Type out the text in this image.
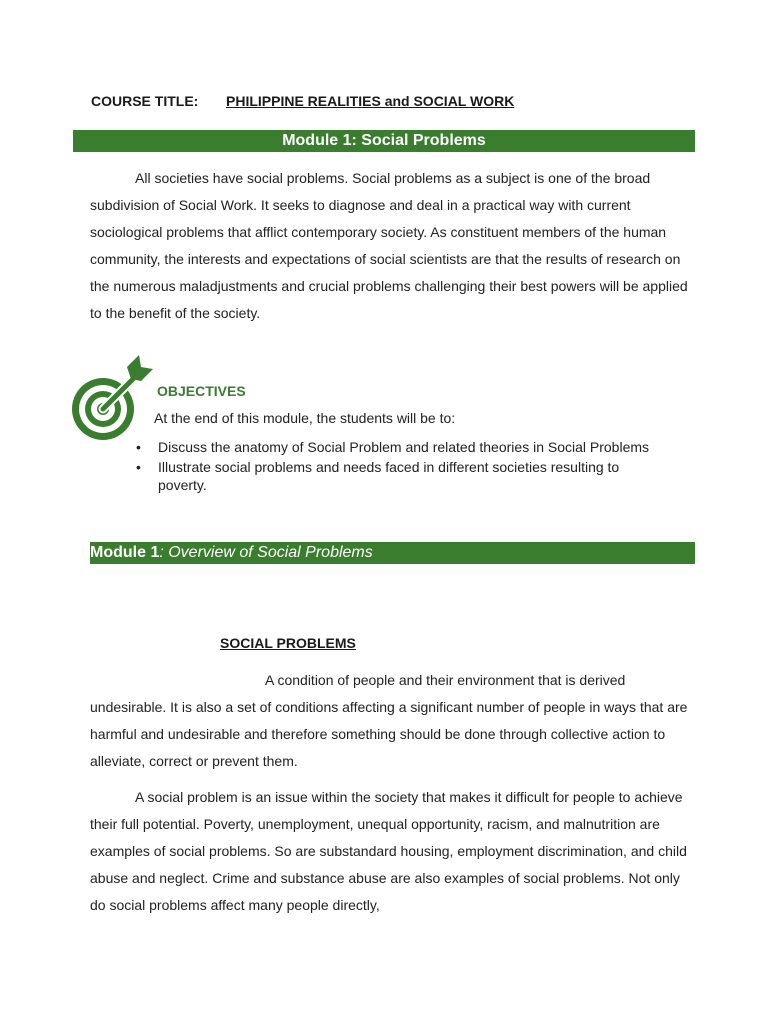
COURSE TITLE: PHILIPPINE REALITIES and SOCIAL WORK
Module 1: Social Problems

All societies have social problems. Social problems as a subject is one of the broad subdivision of Social Work. It seeks to diagnose and deal in a practical way with current sociological problems that afflict contemporary society. As constituent members of the human community, the interests and expectations of social scientists are that the results of research on the numerous maladjustments and crucial problems challenging their best powers will be applied to the benefit of the society.

OBJECTIVES
At the end of this module, the students will be to:
• Discuss the anatomy of Social Problem and related theories in Social Problems
• Illustrate social problems and needs faced in different societies resulting to poverty.
Module 1: Overview of Social Problems
SOCIAL PROBLEMS

A condition of people and their environment that is derived undesirable. It is also a set of conditions affecting a significant number of people in ways that are harmful and undesirable and therefore something should be done through collective action to alleviate, correct or prevent them.

A social problem is an issue within the society that makes it difficult for people to achieve their full potential. Poverty, unemployment, unequal opportunity, racism, and malnutrition are examples of social problems. So are substandard housing, employment discrimination, and child abuse and neglect. Crime and substance abuse are also examples of social problems. Not only do social problems affect many people directly,
